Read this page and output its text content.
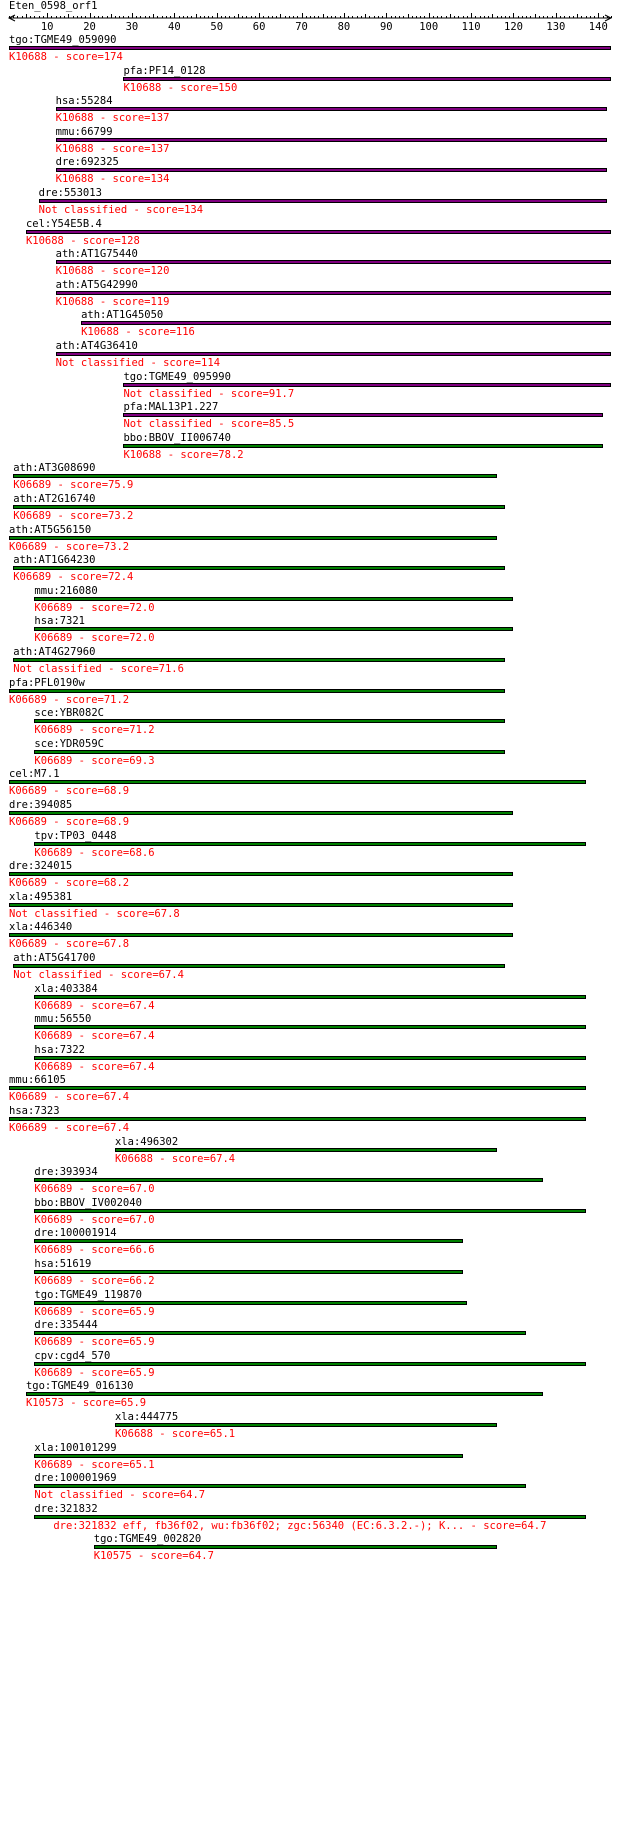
Eten_0598_orf1
10	20	30	40	50	60	70	80	90	100 110 120 130 140
tgo:TGME49_059090
K10688 - score=174
pfa:PF14_0128
K10688 - score=150
hsa:55284
K10688 - score=137
mmu:66799
K10688 - score=137
dre:692325
K10688 - score=134
dre:553013
Not classified - score=134
cel:Y54E5B.4
K10688 - score=128
ath:AT1G75440
K10688 - score=120
ath:AT5G42990
K10688 - score=119
ath:AT1G45050
K10688 - score=116
ath:AT4G36410
Not classified - score=114
tgo:TGME49_095990
Not classified - score=91.7
pfa:MAL13P1.227
Not classified - score=85.5
bbo:BBOV_II006740
K10688 - score=78.2
ath:AT3G08690
K06689 - score=75.9
ath:AT2G16740
K06689 - score=73.2
ath:AT5G56150
K06689 - score=73.2
ath:AT1G64230
K06689 - score=72.4
mmu:216080
K06689 - score=72.0
hsa:7321
K06689 - score=72.0
ath:AT4G27960
Not classified - score=71.6
pfa:PFL0190w
K06689 - score=71.2
sce:YBR082C
K06689 - score=71.2
sce:YDR059C
K06689 - score=69.3
cel:M7.1
K06689 - score=68.9
dre:394085
K06689 - score=68.9
tpv:TP03_0448
K06689 - score=68.6
dre:324015
K06689 - score=68.2
xla:495381
Not classified - score=67.8
xla:446340
K06689 - score=67.8
ath:AT5G41700
Not classified - score=67.4
xla:403384
K06689 - score=67.4
mmu:56550
K06689 - score=67.4
hsa:7322
K06689 - score=67.4
mmu:66105
K06689 - score=67.4
hsa:7323
K06689 - score=67.4
xla:496302
K06688 - score=67.4
dre:393934
K06689 - score=67.0
bbo:BBOV_IV002040
K06689 - score=67.0
dre:100001914
K06689 - score=66.6
hsa:51619
K06689 - score=66.2
tgo:TGME49_119870
K06689 - score=65.9
dre:335444
K06689 - score=65.9
cpv:cgd4_570
K06689 - score=65.9
tgo:TGME49_016130
K10573 - score=65.9
xla:444775
K06688 - score=65.1
xla:100101299
K06689 - score=65.1
dre:100001969
Not classified - score=64.7
dre:321832
dre:321832 eff, fb36f02, wu:fb36f02; zgc:56340 (EC:6.3.2.-); K... - score=64.7
tgo:TGME49_002820
K10575 - score=64.7
